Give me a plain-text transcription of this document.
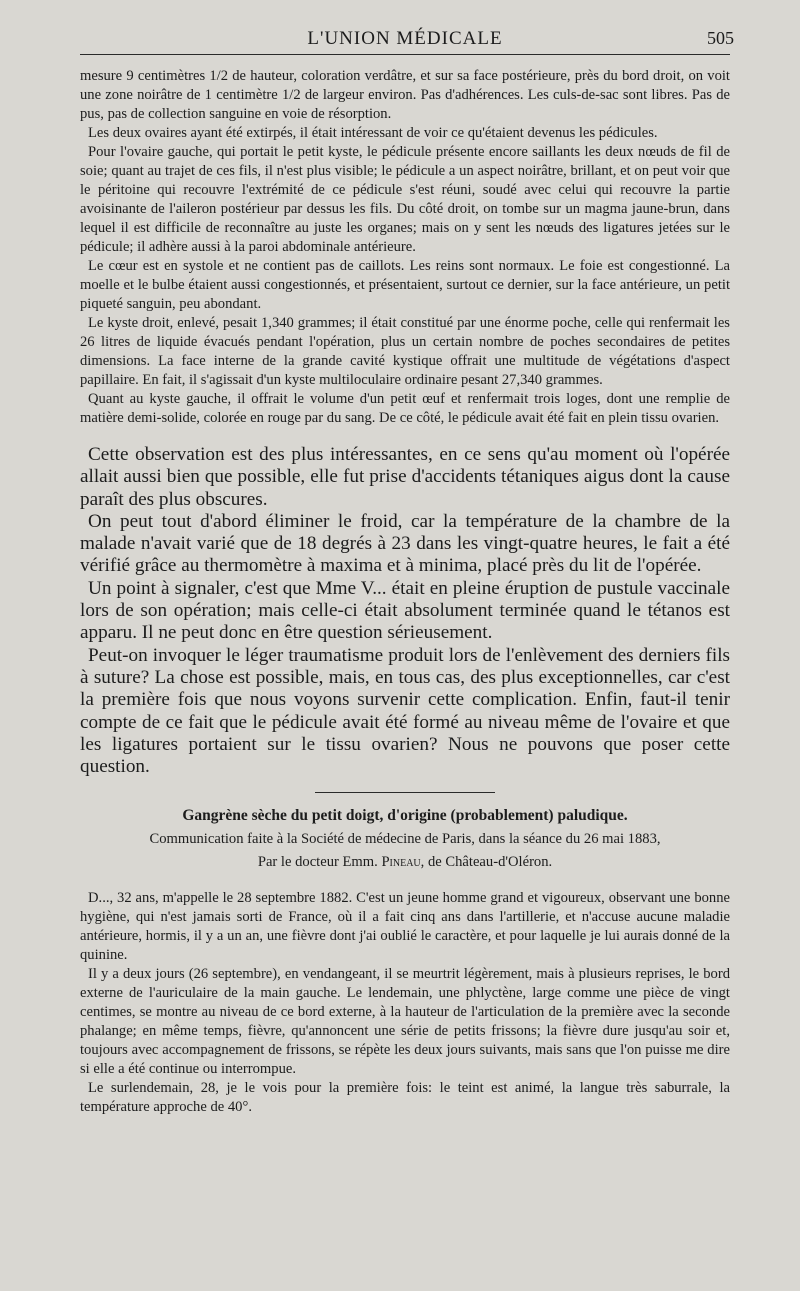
L'UNION MÉDICALE	505

mesure 9 centimètres 1/2 de hauteur, coloration verdâtre, et sur sa face postérieure, près du bord droit, on voit une zone noirâtre de 1 centimètre 1/2 de largeur environ. Pas d'adhérences. Les culs-de-sac sont libres. Pas de pus, pas de collection sanguine en voie de résorption.

Les deux ovaires ayant été extirpés, il était intéressant de voir ce qu'étaient devenus les pédicules.

Pour l'ovaire gauche, qui portait le petit kyste, le pédicule présente encore saillants les deux nœuds de fil de soie; quant au trajet de ces fils, il n'est plus visible; le pédicule a un aspect noirâtre, brillant, et on peut voir que le péritoine qui recouvre l'extrémité de ce pédicule s'est réuni, soudé avec celui qui recouvre la partie avoisinante de l'aileron postérieur par dessus les fils. Du côté droit, on tombe sur un magma jaune-brun, dans lequel il est difficile de reconnaître au juste les organes; mais on y sent les nœuds des ligatures jetées sur le pédicule; il adhère aussi à la paroi abdominale antérieure.

Le cœur est en systole et ne contient pas de caillots. Les reins sont normaux. Le foie est congestionné. La moelle et le bulbe étaient aussi congestionnés, et présentaient, surtout ce dernier, sur la face antérieure, un petit piqueté sanguin, peu abondant.

Le kyste droit, enlevé, pesait 1,340 grammes; il était constitué par une énorme poche, celle qui renfermait les 26 litres de liquide évacués pendant l'opération, plus un certain nombre de poches secondaires de petites dimensions. La face interne de la grande cavité kystique offrait une multitude de végétations d'aspect papillaire. En fait, il s'agissait d'un kyste multiloculaire ordinaire pesant 27,340 grammes.

Quant au kyste gauche, il offrait le volume d'un petit œuf et renfermait trois loges, dont une remplie de matière demi-solide, colorée en rouge par du sang. De ce côté, le pédicule avait été fait en plein tissu ovarien.

Cette observation est des plus intéressantes, en ce sens qu'au moment où l'opérée allait aussi bien que possible, elle fut prise d'accidents tétaniques aigus dont la cause paraît des plus obscures.

On peut tout d'abord éliminer le froid, car la température de la chambre de la malade n'avait varié que de 18 degrés à 23 dans les vingt-quatre heures, le fait a été vérifié grâce au thermomètre à maxima et à minima, placé près du lit de l'opérée.

Un point à signaler, c'est que Mme V... était en pleine éruption de pustule vaccinale lors de son opération; mais celle-ci était absolument terminée quand le tétanos est apparu. Il ne peut donc en être question sérieusement.

Peut-on invoquer le léger traumatisme produit lors de l'enlèvement des derniers fils à suture? La chose est possible, mais, en tous cas, des plus exceptionnelles, car c'est la première fois que nous voyons survenir cette complication. Enfin, faut-il tenir compte de ce fait que le pédicule avait été formé au niveau même de l'ovaire et que les ligatures portaient sur le tissu ovarien? Nous ne pouvons que poser cette question.

Gangrène sèche du petit doigt, d'origine (probablement) paludique.
Communication faite à la Société de médecine de Paris, dans la séance du 26 mai 1883,
Par le docteur Emm. Pineau, de Château-d'Oléron.

D..., 32 ans, m'appelle le 28 septembre 1882. C'est un jeune homme grand et vigoureux, observant une bonne hygiène, qui n'est jamais sorti de France, où il a fait cinq ans dans l'artillerie, et n'accuse aucune maladie antérieure, hormis, il y a un an, une fièvre dont j'ai oublié le caractère, et pour laquelle je lui aurais donné de la quinine.

Il y a deux jours (26 septembre), en vendangeant, il se meurtrit légèrement, mais à plusieurs reprises, le bord externe de l'auriculaire de la main gauche. Le lendemain, une phlyctène, large comme une pièce de vingt centimes, se montre au niveau de ce bord externe, à la hauteur de l'articulation de la première avec la seconde phalange; en même temps, fièvre, qu'annoncent une série de petits frissons; la fièvre dure jusqu'au soir et, toujours avec accompagnement de frissons, se répète les deux jours suivants, mais sans que l'on puisse me dire si elle a été continue ou interrompue.

Le surlendemain, 28, je le vois pour la première fois: le teint est animé, la langue très saburrale, la température approche de 40°.
